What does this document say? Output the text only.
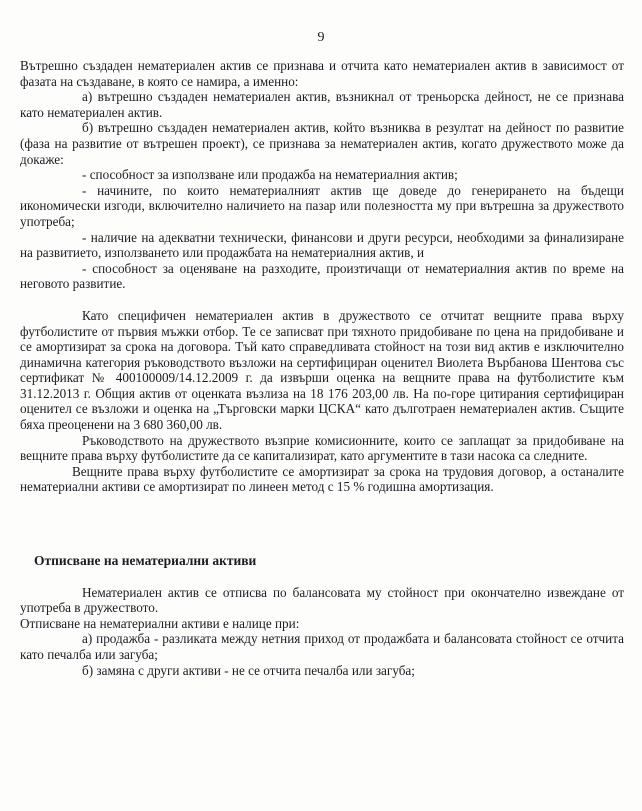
9

Вътрешно създаден нематериален актив се признава и отчита като нематериален актив в зависимост от фазата на създаване, в която се намира, а именно:

а) вътрешно създаден нематериален актив, възникнал от треньорска дейност, не се признава като нематериален актив.

б) вътрешно създаден нематериален актив, който възниква в резултат на дейност по развитие (фаза на развитие от вътрешен проект), се признава за нематериален актив, когато дружеството може да докаже:

- способност за използване или продажба на нематериалния актив;

- начините, по които нематериалният актив ще доведе до генерирането на бъдещи икономически изгоди, включително наличието на пазар или полезността му при вътрешна за дружеството употреба;

- наличие на адекватни технически, финансови и други ресурси, необходими за финализиране на развитието, използването или продажбата на нематериалния актив, и

- способност за оценяване на разходите, произтичащи от нематериалния актив по време на неговото развитие.

Като специфичен нематериален актив в дружеството се отчитат вещните права върху футболистите от първия мъжки отбор. Те се записват при тяхното придобиване по цена на придобиване и се амортизират за срока на договора. Тъй като справедливата стойност на този вид актив е изключително динамична категория ръководството възложи на сертифициран оценител Виолета Върбанова Шентова със сертификат № 400100009/14.12.2009 г. да извърши оценка на вещните права на футболистите към 31.12.2013 г. Общия актив от оценката възлиза на 18 176 203,00 лв. На по-горе цитирания сертифициран оценител се възложи и оценка на „Търговски марки ЦСКА“ като дълготраен нематериален актив. Същите бяха преоценени на 3 680 360,00 лв.

Ръководството на дружеството възприе комисионните, които се заплащат за придобиване на вещните права върху футболистите да се капитализират, като аргументите в тази насока са следните.

Вещните права върху футболистите се амортизират за срока на трудовия договор, а останалите нематериални активи се амортизират по линеен метод с 15 % годишна амортизация.

Отписване на нематериални активи

Нематериален актив се отписва по балансовата му стойност при окончателно извеждане от употреба в дружеството.

Отписване на нематериални активи е налице при:

а) продажба - разликата между нетния приход от продажбата и балансовата стойност се отчита като печалба или загуба;

б) замяна с други активи - не се отчита печалба или загуба;
